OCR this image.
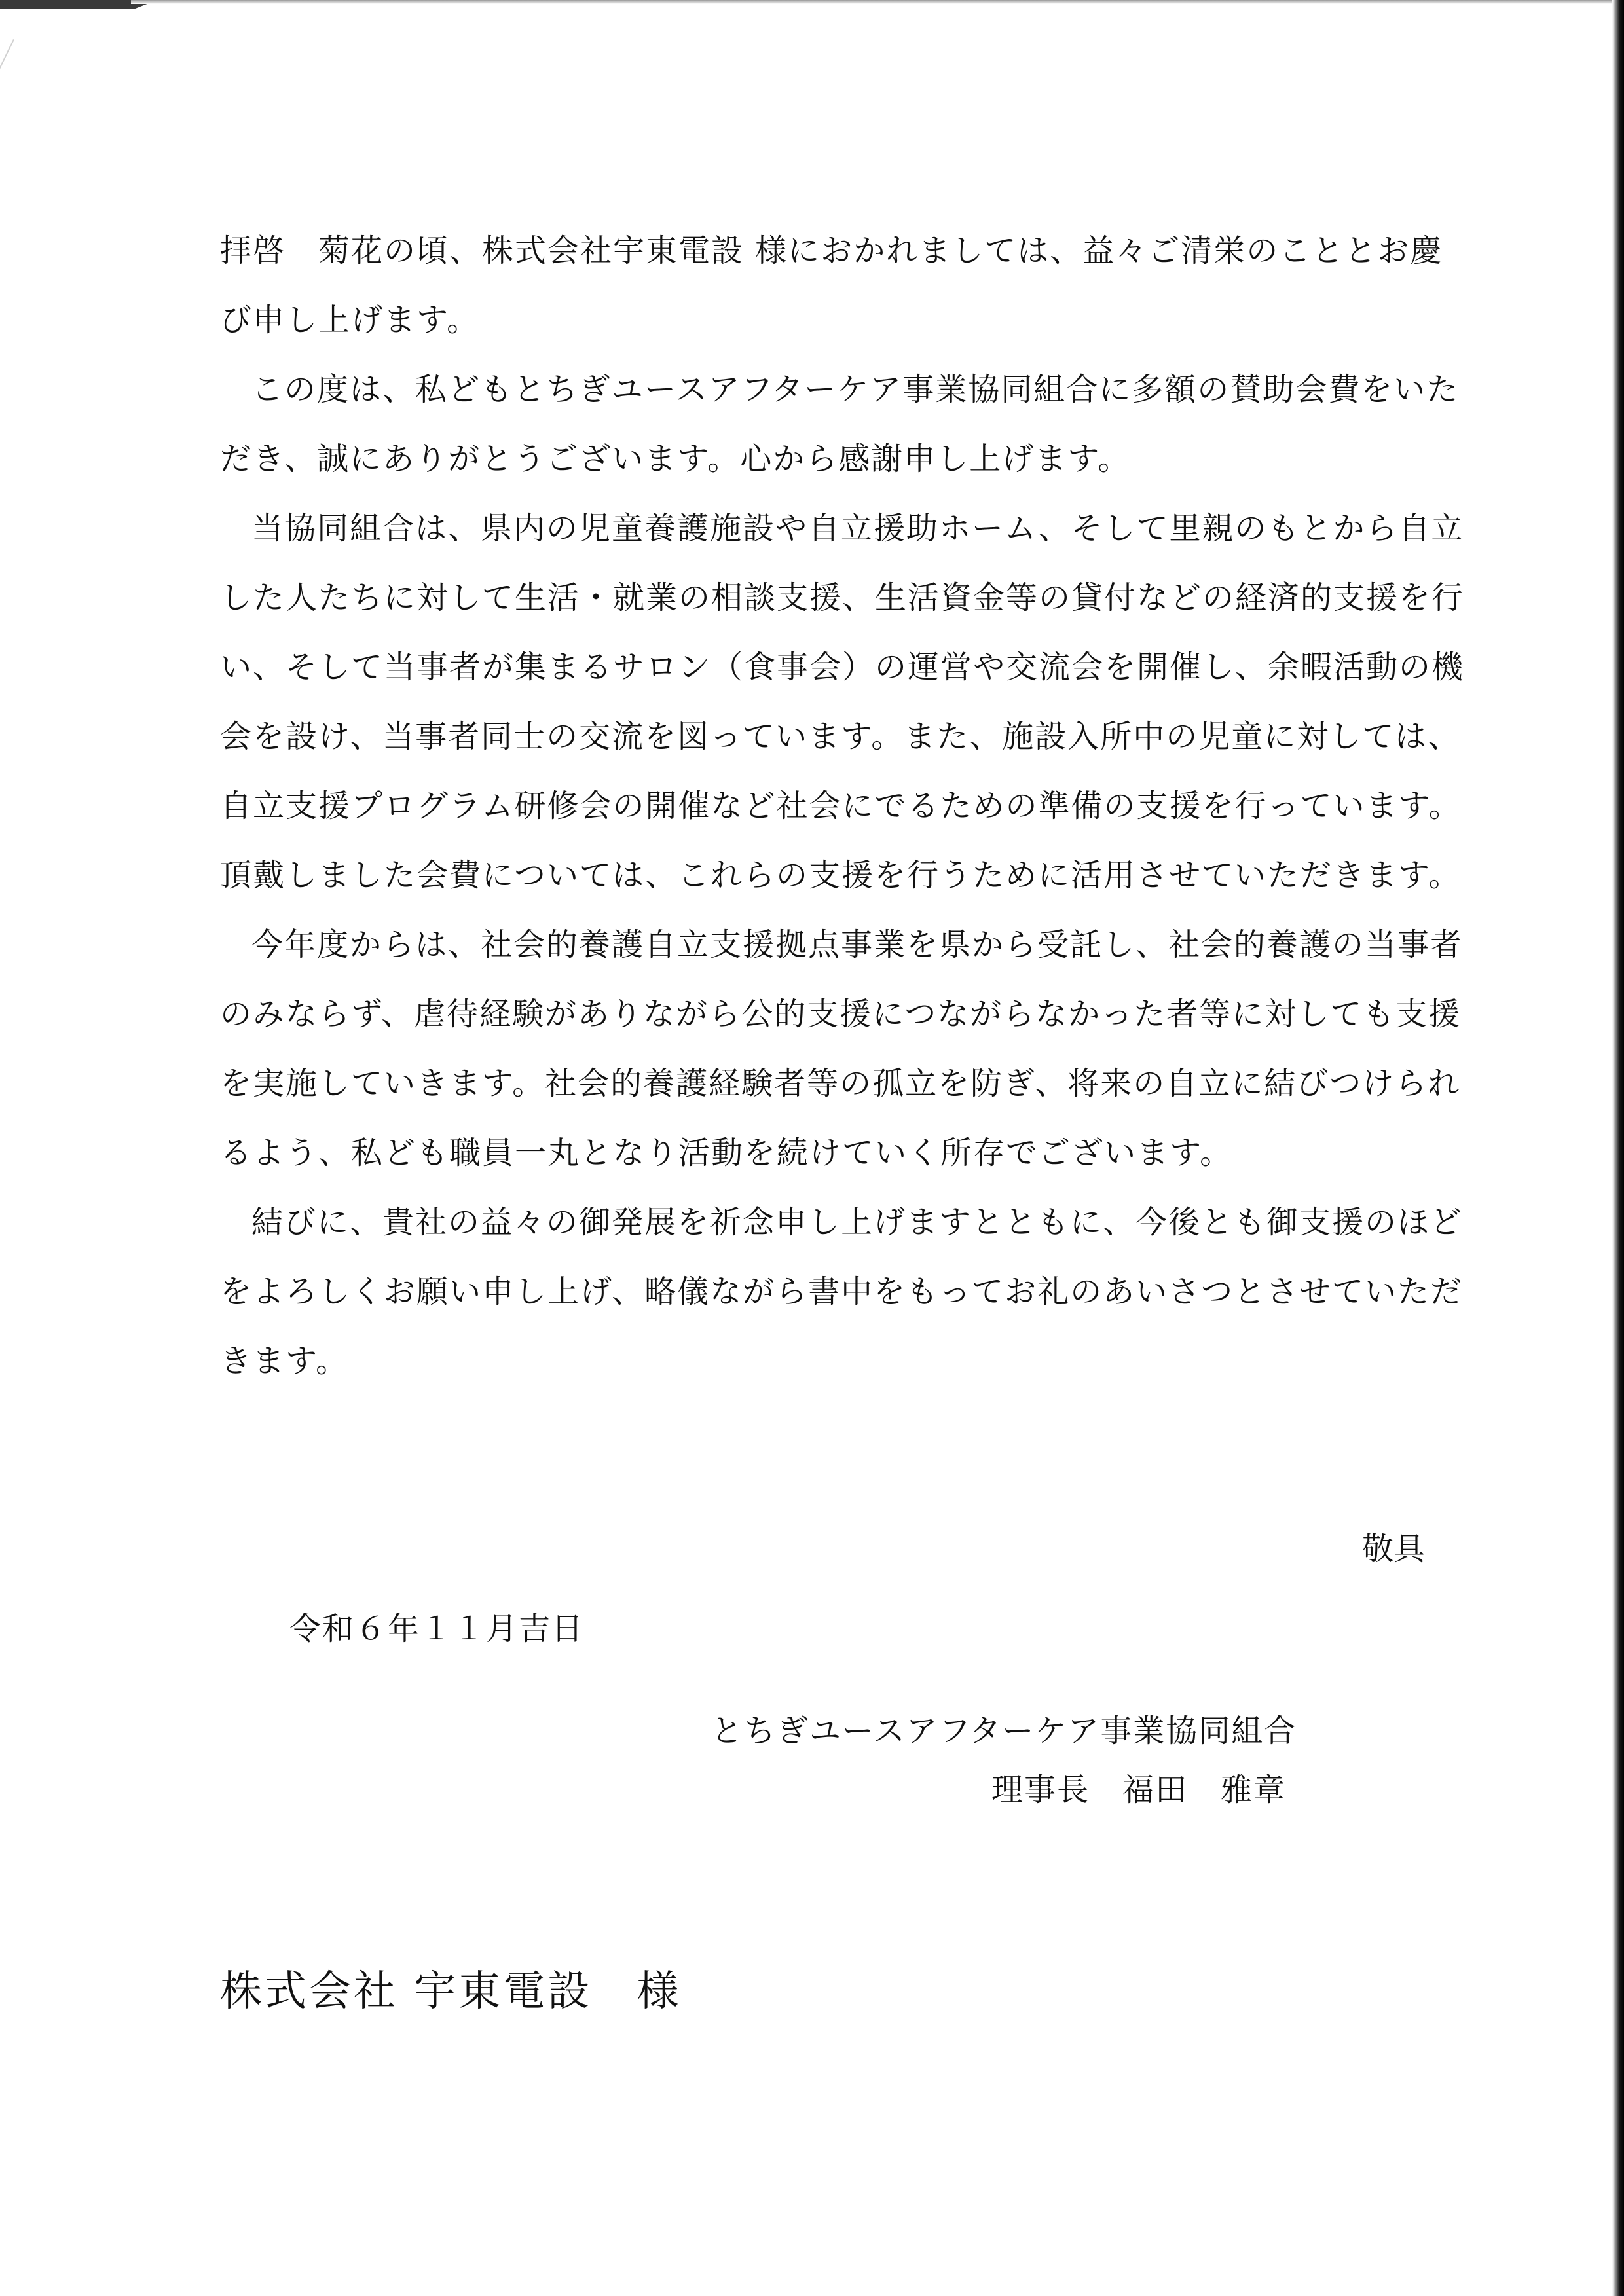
拝啓　菊花の頃、株式会社宇東電設 様におかれましては、益々ご清栄のこととお慶び申し上げます。

この度は、私どもとちぎユースアフターケア事業協同組合に多額の賛助会費をいただき、誠にありがとうございます。心から感謝申し上げます。

当協同組合は、県内の児童養護施設や自立援助ホーム、そして里親のもとから自立した人たちに対して生活・就業の相談支援、生活資金等の貸付などの経済的支援を行い、そして当事者が集まるサロン（食事会）の運営や交流会を開催し、余暇活動の機会を設け、当事者同士の交流を図っています。また、施設入所中の児童に対しては、自立支援プログラム研修会の開催など社会にでるための準備の支援を行っています。頂戴しました会費については、これらの支援を行うために活用させていただきます。

今年度からは、社会的養護自立支援拠点事業を県から受託し、社会的養護の当事者のみならず、虐待経験がありながら公的支援につながらなかった者等に対しても支援を実施していきます。社会的養護経験者等の孤立を防ぎ、将来の自立に結びつけられるよう、私ども職員一丸となり活動を続けていく所存でございます。

結びに、貴社の益々の御発展を祈念申し上げますとともに、今後とも御支援のほどをよろしくお願い申し上げ、略儀ながら書中をもってお礼のあいさつとさせていただきます。

敬具
令和６年１１月吉日
とちぎユースアフターケア事業協同組合
理事長　福田　雅章
株式会社 宇東電設　様
